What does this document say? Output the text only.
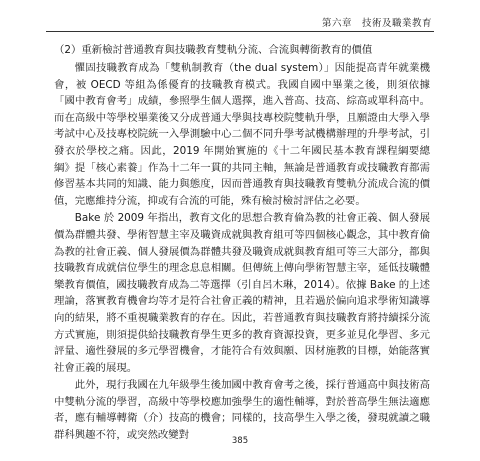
第六章　技術及職業教育

（2）重新檢討普通教育與技職教育雙軌分流、合流與轉銜教育的價值

懼固技職教育成為「雙軌制教育（the dual system）」因能提高青年就業機會，被 OECD 等組為係優育的技職教育模式。我國自國中畢業之後，則須依據「國中教育會考」成績，參照學生個人選擇，進入普高、技高、綜高或單科高中。而在高級中等學校畢業後又分成普通大學與技專校院雙軌升學，且願證由大學入學考試中心及技專校院統一入學測驗中心二個不同升學考試機構辦理的升學考試，引發衣於學校之痛。因此，2019 年開始實施的《十二年國民基本教育課程綱要總綱》提「核心素養」作為十二年一貫的共同主軸，無論是普通教育或技職教育都需修習基本共同的知識、能力與態度，因而普通教育與技職教育雙軌分流成合流的價值，完應維持分流，抑或有合流的可能，殊有檢討檢討評估之必要。

Bake 於 2009 年指出，教育文化的思想合教育倫為教的社會正義、個人發展價為群體共發、學術智慧主宰及職資成就與教育組可等四個核心觀念，其中教育倫為教的社會正義、個人發展價為群體共發及職資成就與教育組可等三大部分，都與技職教育成就信位學生的理念息息相關。但傳統上傳向學術智慧主宰，延低技職體樂教育價值，國技職教育成為二等選擇（引自呂木琳，2014）。依據 Bake 的上述理論，落實教育機會均等才是符合社會正義的精神，且若過於偏向追求學術知識導向的結果，將不重視職業教育的存在。因此，若普通教育與技職教育將持續採分流方式實施，則須提供給技職教育學生更多的教育資源投資，更多並見化學習、多元評量、適性發展的多元學習機會，才能符合有效與願、因材施教的目標，始能落實社會正義的展現。

此外，現行我國在九年級學生後加國中教育會考之後，採行普通高中與技術高中雙軌分流的學習，高級中等學校應加強學生的適性輔導，對於普高學生無法適應者，應有輔導轉衛（介）技高的機會；同樣的，技高學生入學之後，發現就讀之職群科興趣不符，或突然改變對	385
